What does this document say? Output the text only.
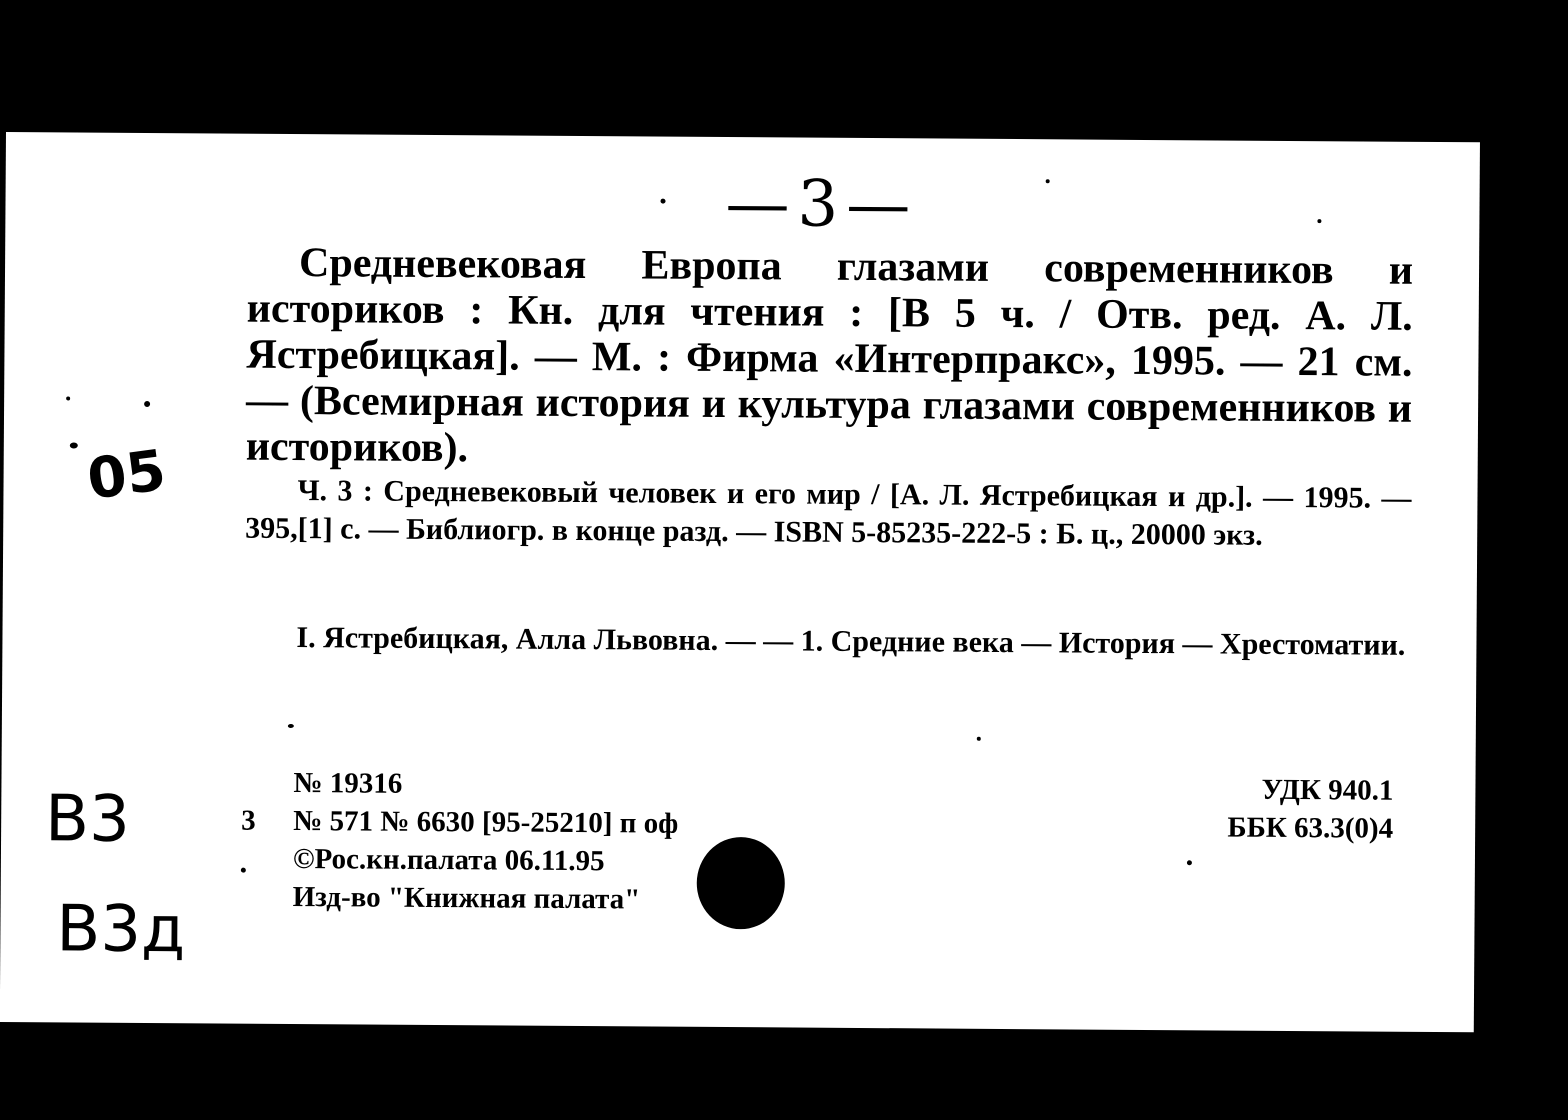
—3—

Средневековая Европа глазами современников и историков : Кн. для чтения : [В 5 ч. / Отв. ред. А. Л. Ястребицкая]. — М. : Фирма «Интерпракс», 1995. — 21 см. — (Всемирная история и культура глазами современников и историков).

Ч. 3 : Средневековый человек и его мир / [А. Л. Ястребицкая и др.]. — 1995. — 395,[1] с. — Библиогр. в конце разд. — ISBN 5-85235-222-5 : Б. ц., 20000 экз.

I. Ястребицкая, Алла Львовна. — — 1. Средние века — История — Хрестоматии.

№ 19316
3 № 571 № 6630 [95-25210] п оф
©Рос.кн.палата 06.11.95
Изд-во "Книжная палата"
УДК 940.1
ББК 63.3(0)4
05
В3
В3д
